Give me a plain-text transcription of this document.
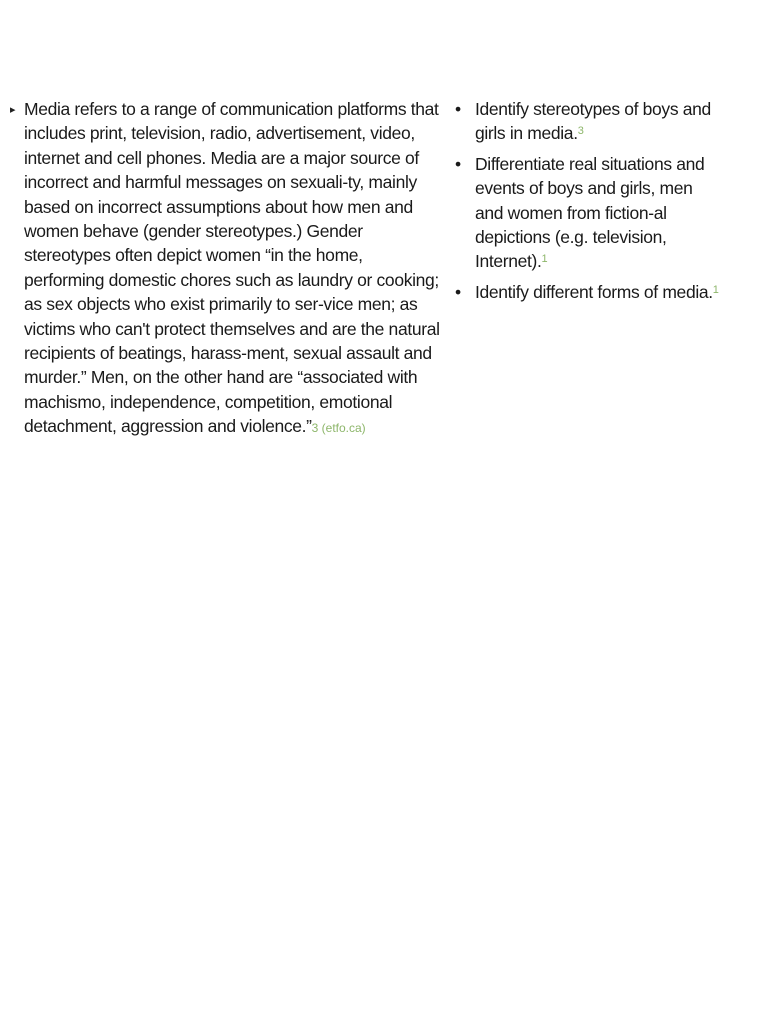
▸ Media refers to a range of communication platforms that includes print, television, radio, advertisement, video, internet and cell phones. Media are a major source of incorrect and harmful messages on sexuali-ty, mainly based on incorrect assumptions about how men and women behave (gender stereotypes.) Gender stereotypes often depict women “in the home, performing domestic chores such as laundry or cooking; as sex objects who exist primarily to ser-vice men; as victims who can't protect themselves and are the natural recipients of beatings, harass-ment, sexual assault and murder.” Men, on the other hand are “associated with machismo, independence, competition, emotional detachment, aggression and violence.”3 (etfo.ca)

• Identify stereotypes of boys and girls in media.$^3$
• Differentiate real situations and events of boys and girls, men and women from fiction-al depictions (e.g. television, Internet).$^1$
• Identify different forms of media.$^1$
